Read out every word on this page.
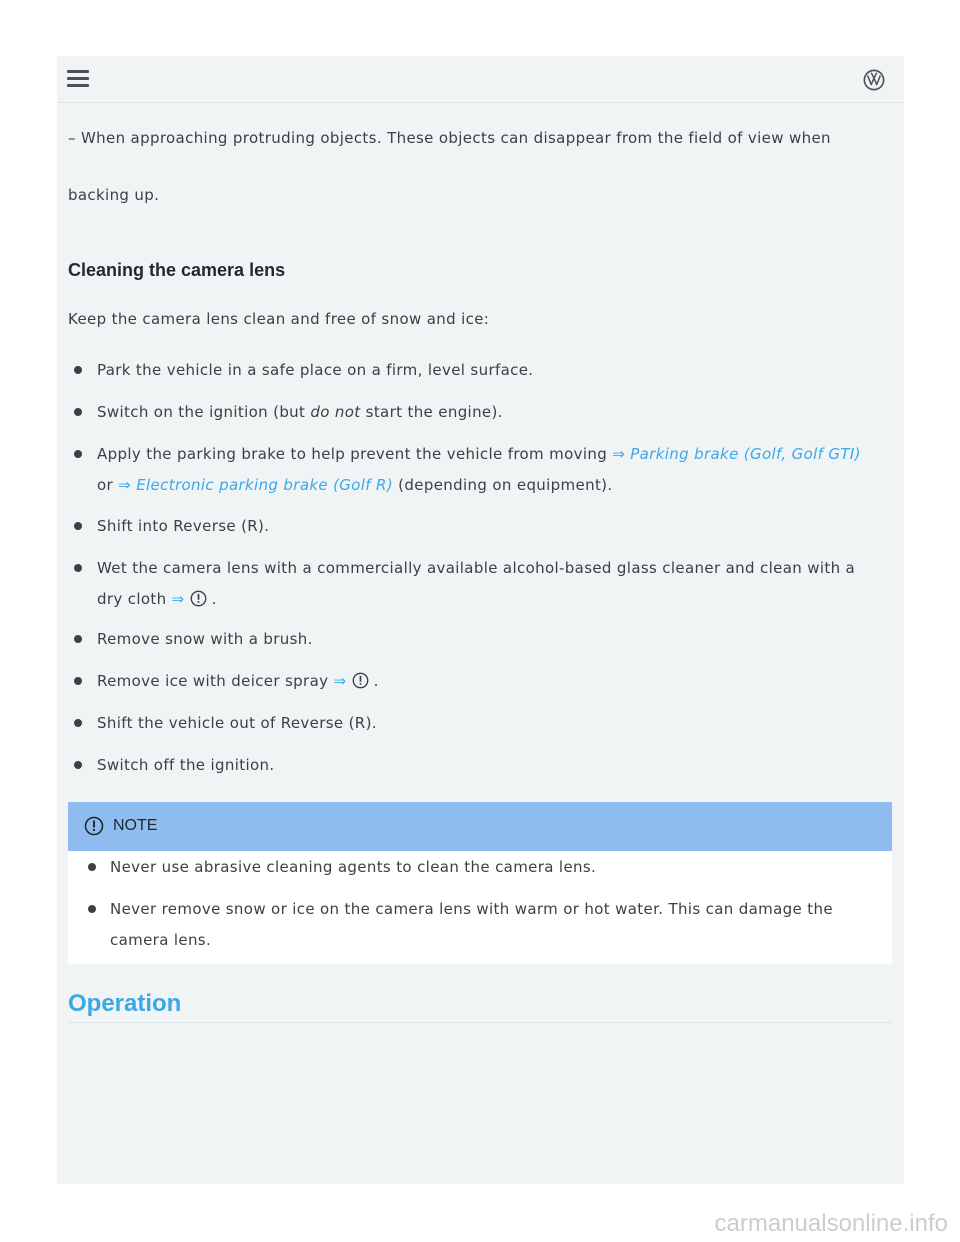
– When approaching protruding objects. These objects can disappear from the field of view when

backing up.

Cleaning the camera lens

Keep the camera lens clean and free of snow and ice:

Park the vehicle in a safe place on a firm, level surface.
Switch on the ignition (but do not start the engine).
Apply the parking brake to help prevent the vehicle from moving ⇒ Parking brake (Golf, Golf GTI)
or ⇒ Electronic parking brake (Golf R) (depending on equipment).
Shift into Reverse (R).
Wet the camera lens with a commercially available alcohol-based glass cleaner and clean with a
dry cloth ⇒  .
Remove snow with a brush.
Remove ice with deicer spray ⇒  .
Shift the vehicle out of Reverse (R).
Switch off the ignition.
NOTE
Never use abrasive cleaning agents to clean the camera lens.
Never remove snow or ice on the camera lens with warm or hot water. This can damage the
camera lens.
Operation
carmanualsonline.info
